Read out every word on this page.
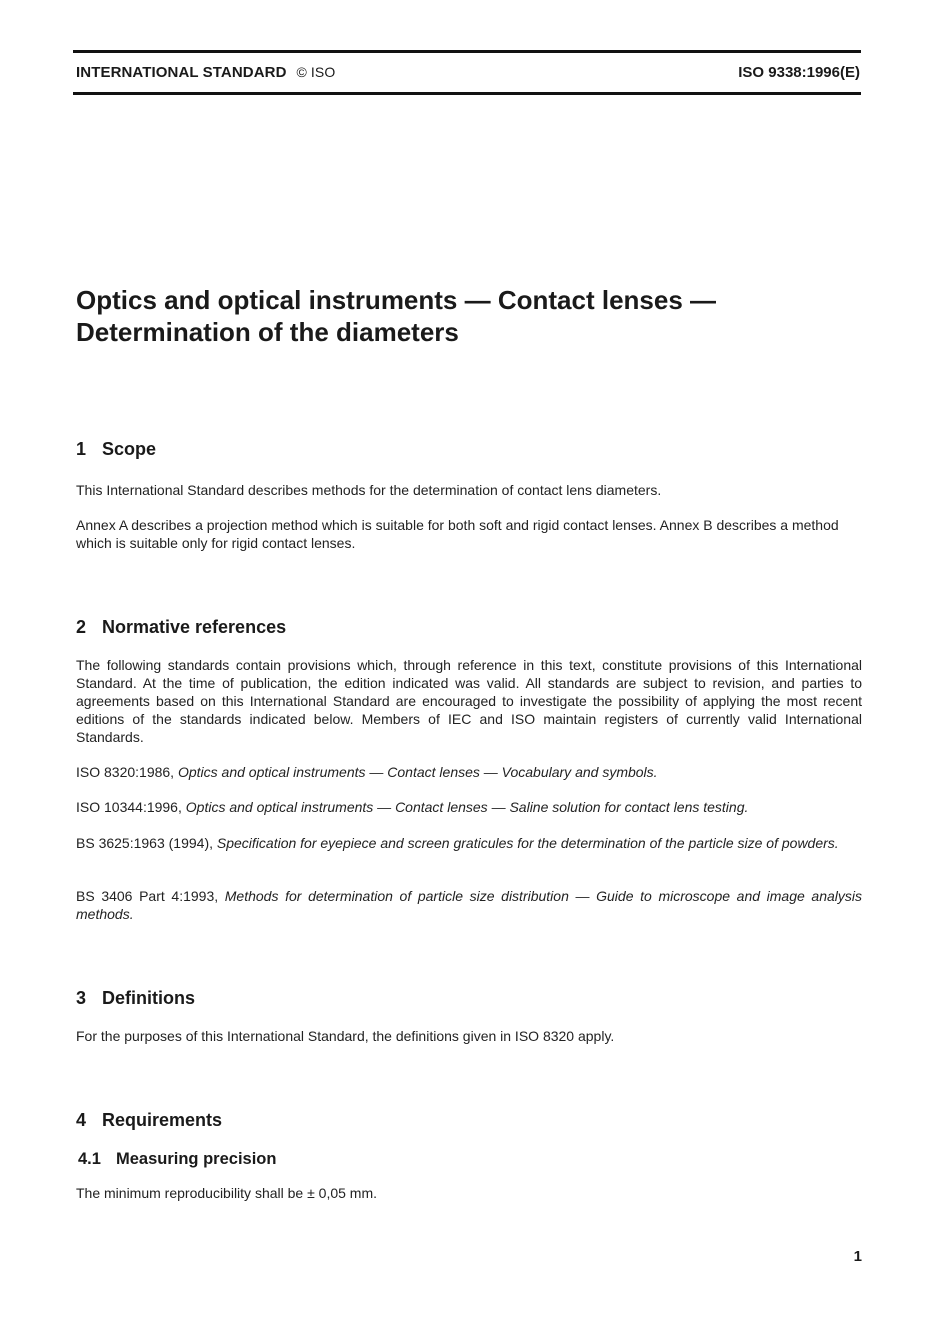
INTERNATIONAL STANDARD © ISO	ISO 9338:1996(E)
Optics and optical instruments — Contact lenses —
Determination of the diameters
1 Scope

This International Standard describes methods for the determination of contact lens diameters.

Annex A describes a projection method which is suitable for both soft and rigid contact lenses. Annex B describes a method which is suitable only for rigid contact lenses.

2 Normative references

The following standards contain provisions which, through reference in this text, constitute provisions of this International Standard. At the time of publication, the edition indicated was valid. All standards are subject to revision, and parties to agreements based on this International Standard are encouraged to investigate the possibility of applying the most recent editions of the standards indicated below. Members of IEC and ISO maintain registers of currently valid International Standards.

ISO 8320:1986, Optics and optical instruments — Contact lenses — Vocabulary and symbols.

ISO 10344:1996, Optics and optical instruments — Contact lenses — Saline solution for contact lens testing.

BS 3625:1963 (1994), Specification for eyepiece and screen graticules for the determination of the particle size of powders.

BS 3406 Part 4:1993, Methods for determination of particle size distribution — Guide to microscope and image analysis methods.

3 Definitions

For the purposes of this International Standard, the definitions given in ISO 8320 apply.

4 Requirements
4.1 Measuring precision

The minimum reproducibility shall be ± 0,05 mm.

1
